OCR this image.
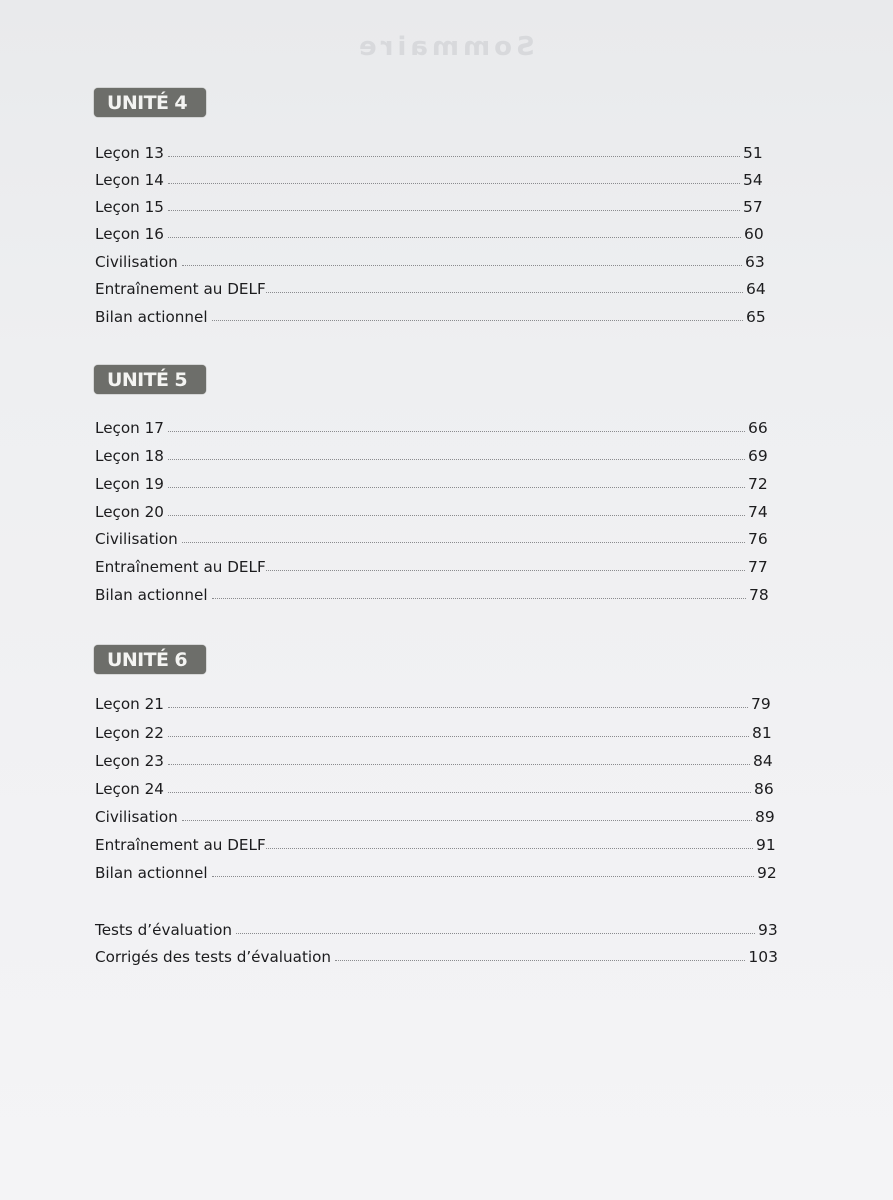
Sommaire
UNITÉ 4
Leçon 13	51
Leçon 14	54
Leçon 15	57
Leçon 16	60
Civilisation	63
Entraînement au DELF	64
Bilan actionnel	65
UNITÉ 5
Leçon 17	66
Leçon 18	69
Leçon 19	72
Leçon 20	74
Civilisation	76
Entraînement au DELF	77
Bilan actionnel	78
UNITÉ 6
Leçon 21	79
Leçon 22	81
Leçon 23	84
Leçon 24	86
Civilisation	89
Entraînement au DELF	91
Bilan actionnel	92
Tests d’évaluation	93
Corrigés des tests d’évaluation	103
